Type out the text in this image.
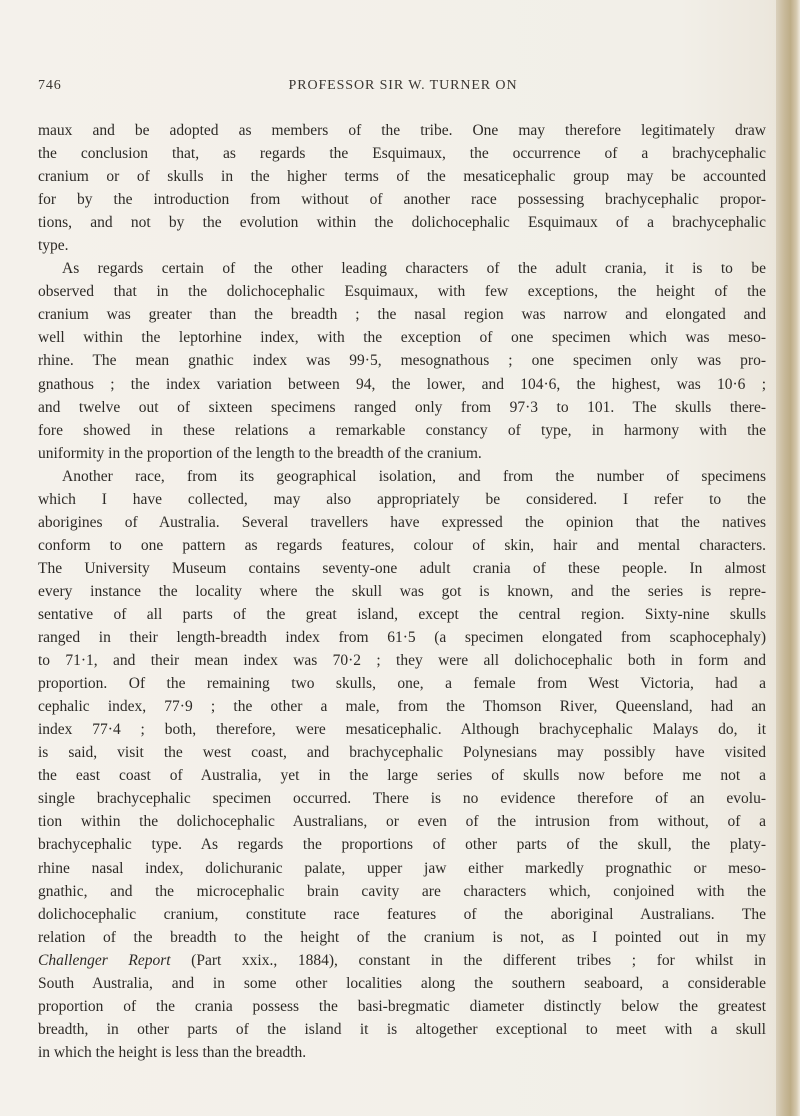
746	PROFESSOR SIR W. TURNER ON
maux and be adopted as members of the tribe. One may therefore legitimately draw
the conclusion that, as regards the Esquimaux, the occurrence of a brachycephalic
cranium or of skulls in the higher terms of the mesaticephalic group may be accounted
for by the introduction from without of another race possessing brachycephalic propor-
tions, and not by the evolution within the dolichocephalic Esquimaux of a brachycephalic
type.
As regards certain of the other leading characters of the adult crania, it is to be
observed that in the dolichocephalic Esquimaux, with few exceptions, the height of the
cranium was greater than the breadth ; the nasal region was narrow and elongated and
well within the leptorhine index, with the exception of one specimen which was meso-
rhine. The mean gnathic index was 99·5, mesognathous ; one specimen only was pro-
gnathous ; the index variation between 94, the lower, and 104·6, the highest, was 10·6 ;
and twelve out of sixteen specimens ranged only from 97·3 to 101. The skulls there-
fore showed in these relations a remarkable constancy of type, in harmony with the
uniformity in the proportion of the length to the breadth of the cranium.
Another race, from its geographical isolation, and from the number of specimens
which I have collected, may also appropriately be considered. I refer to the
aborigines of Australia. Several travellers have expressed the opinion that the natives
conform to one pattern as regards features, colour of skin, hair and mental characters.
The University Museum contains seventy-one adult crania of these people. In almost
every instance the locality where the skull was got is known, and the series is repre-
sentative of all parts of the great island, except the central region. Sixty-nine skulls
ranged in their length-breadth index from 61·5 (a specimen elongated from scaphocephaly)
to 71·1, and their mean index was 70·2 ; they were all dolichocephalic both in form and
proportion. Of the remaining two skulls, one, a female from West Victoria, had a
cephalic index, 77·9 ; the other a male, from the Thomson River, Queensland, had an
index 77·4 ; both, therefore, were mesaticephalic. Although brachycephalic Malays do, it
is said, visit the west coast, and brachycephalic Polynesians may possibly have visited
the east coast of Australia, yet in the large series of skulls now before me not a
single brachycephalic specimen occurred. There is no evidence therefore of an evolu-
tion within the dolichocephalic Australians, or even of the intrusion from without, of a
brachycephalic type. As regards the proportions of other parts of the skull, the platy-
rhine nasal index, dolichuranic palate, upper jaw either markedly prognathic or meso-
gnathic, and the microcephalic brain cavity are characters which, conjoined with the
dolichocephalic cranium, constitute race features of the aboriginal Australians. The
relation of the breadth to the height of the cranium is not, as I pointed out in my
Challenger Report (Part xxix., 1884), constant in the different tribes ; for whilst in
South Australia, and in some other localities along the southern seaboard, a considerable
proportion of the crania possess the basi-bregmatic diameter distinctly below the greatest
breadth, in other parts of the island it is altogether exceptional to meet with a skull
in which the height is less than the breadth.
